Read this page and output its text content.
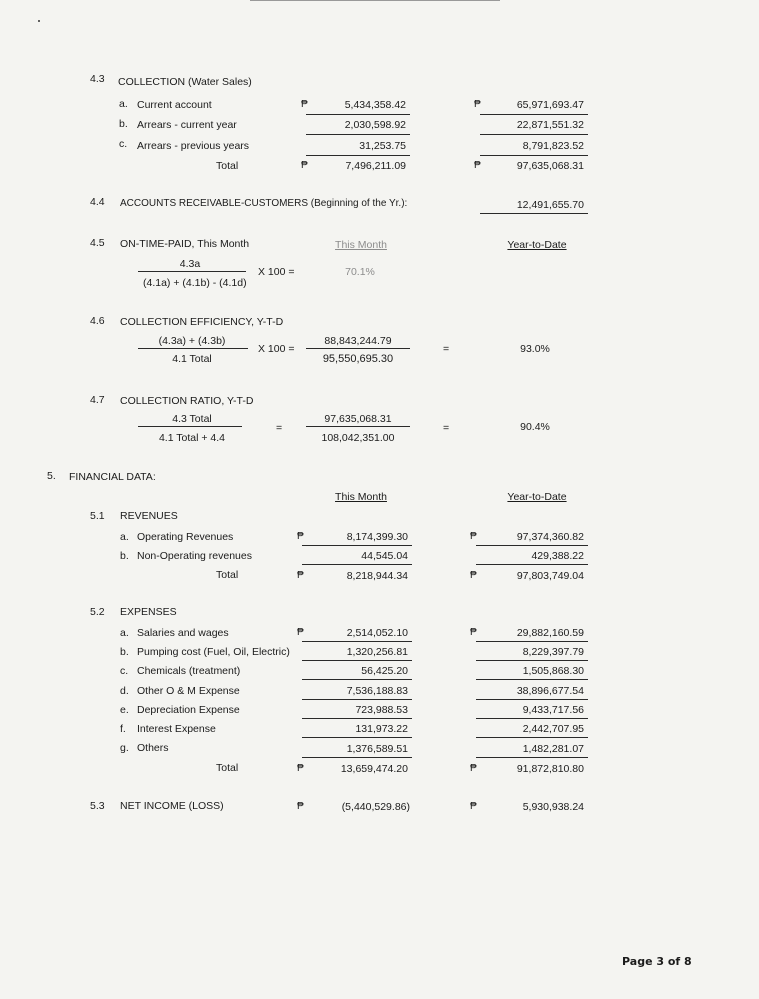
4.3 COLLECTION (Water Sales)
a. Current account	₱	5,434,358.42	₱	65,971,693.47
b. Arrears - current year	2,030,598.92	22,871,551.32
c. Arrears - previous years	31,253.75	8,791,823.52
Total	₱	7,496,211.09	₱	97,635,068.31
4.4 ACCOUNTS RECEIVABLE-CUSTOMERS (Beginning of the Yr.):	12,491,655.70
4.5 ON-TIME-PAID, This Month	This Month	Year-to-Date
4.3a
(4.1a) + (4.1b) - (4.1d)
X 100 =	70.1%
4.6 COLLECTION EFFICIENCY, Y-T-D
(4.3a) + (4.3b)
4.1 Total
X 100 =
88,843,244.79
95,550,695.30
=	93.0%
4.7 COLLECTION RATIO, Y-T-D
4.3 Total
4.1 Total + 4.4
=
97,635,068.31
108,042,351.00
=	90.4%
5. FINANCIAL DATA:
This Month	Year-to-Date
5.1 REVENUES
a. Operating Revenues	₱	8,174,399.30	₱	97,374,360.82
b. Non-Operating revenues	44,545.04	429,388.22
Total	₱	8,218,944.34	₱	97,803,749.04
5.2 EXPENSES
a. Salaries and wages	₱	2,514,052.10	₱	29,882,160.59
b. Pumping cost (Fuel, Oil, Electric)	1,320,256.81	8,229,397.79
c. Chemicals (treatment)	56,425.20	1,505,868.30
d. Other O & M Expense	7,536,188.83	38,896,677.54
e. Depreciation Expense	723,988.53	9,433,717.56
f. Interest Expense	131,973.22	2,442,707.95
g. Others	1,376,589.51	1,482,281.07
Total	₱	13,659,474.20	₱	91,872,810.80
5.3 NET INCOME (LOSS)	₱	(5,440,529.86)	₱	5,930,938.24
Page 3 of 8
